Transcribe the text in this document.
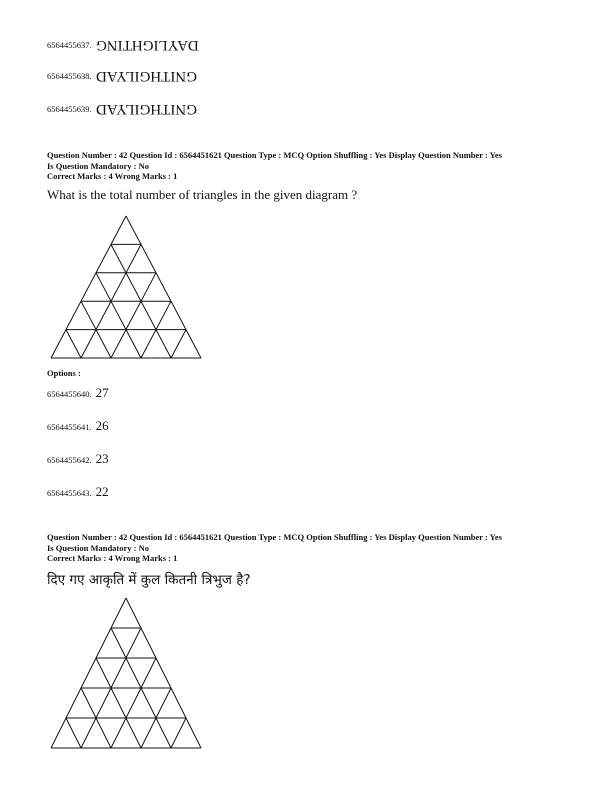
6564455637. DAYLIGHTING
6564455638. GNITHGILYAD
6564455639. GNITHGILYAD
Question Number : 42 Question Id : 6564451621 Question Type : MCQ Option Shuffling : Yes Display Question Number : Yes
Is Question Mandatory : No
Correct Marks : 4 Wrong Marks : 1
What is the total number of triangles in the given diagram ?
Options :
6564455640. 27
6564455641. 26
6564455642. 23
6564455643. 22
Question Number : 42 Question Id : 6564451621 Question Type : MCQ Option Shuffling : Yes Display Question Number : Yes
Is Question Mandatory : No
Correct Marks : 4 Wrong Marks : 1
दिए गए आकृति में कुल कितनी त्रिभुज है?
